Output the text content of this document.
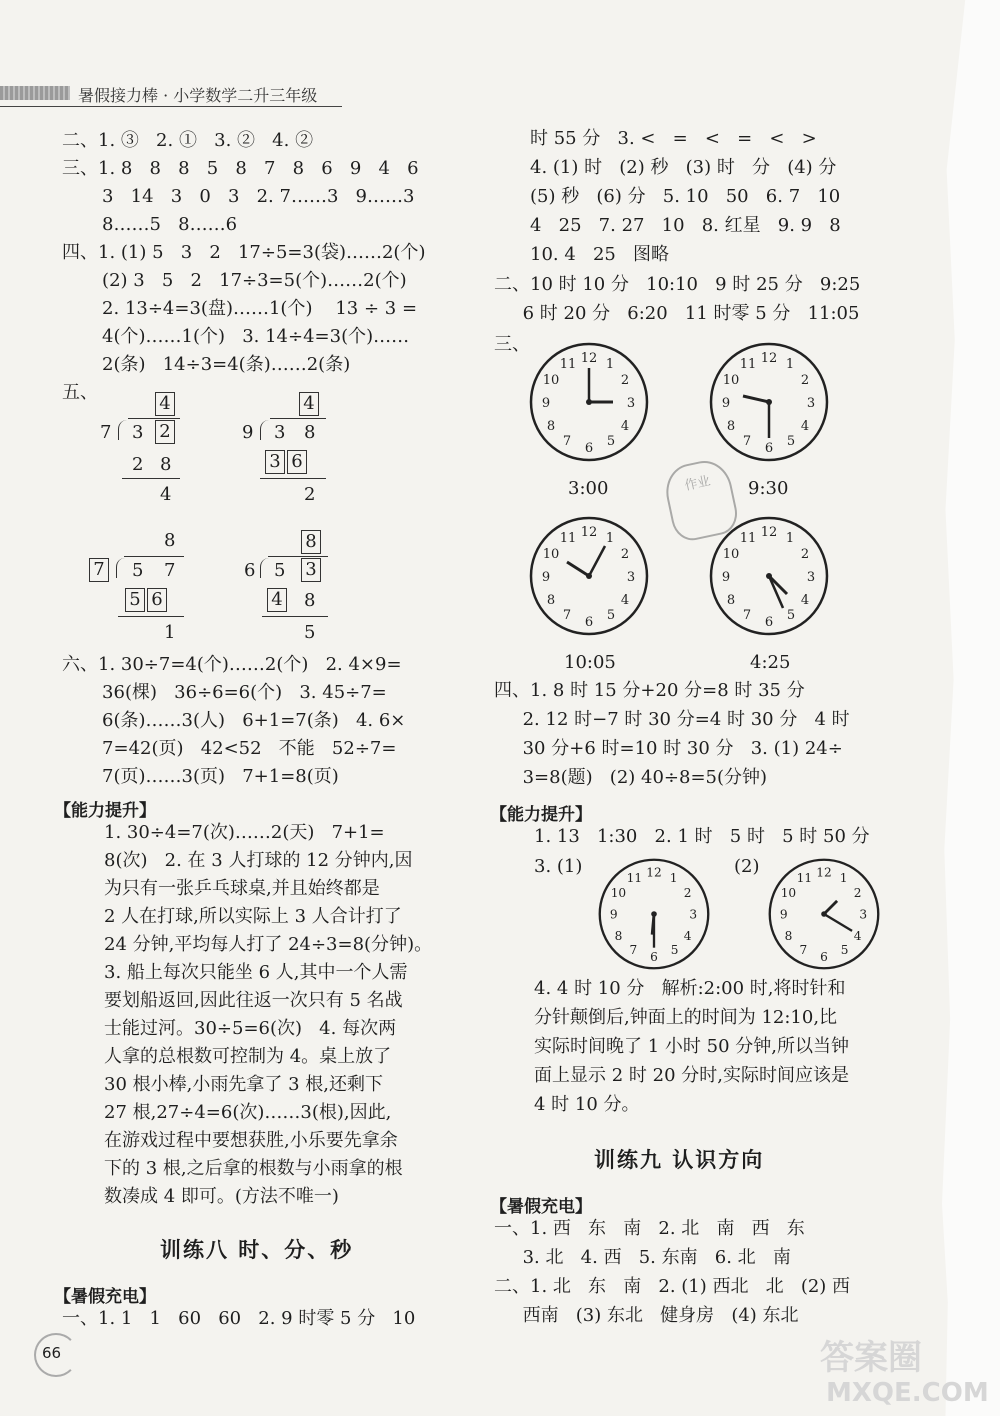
暑假接力棒 · 小学数学二升三年级
二、1. ③   2. ①   3. ②   4. ②
三、1. 8   8   8   5   8   7   8   6   9   4   6
3   14   3   0   3   2. 7……3   9……3
8……5   8……6
四、1. (1) 5   3   2   17÷5=3(袋)……2(个)
(2) 3   5   2   17÷3=5(个)……2(个)
2. 13÷4=3(盘)……1(个)    13 ÷ 3 =
4(个)……1(个)   3. 14÷4=3(个)……
2(条)   14÷3=4(条)……2(条)
五、
4
7 3 2
2 8
4
4
9 3 8
3 6
2
8
7 5 7
5 6
1
8
6 5 3
4 8
5
六、1. 30÷7=4(个)……2(个)   2. 4×9=
36(棵)   36÷6=6(个)   3. 45÷7=
6(条)……3(人)   6+1=7(条)   4. 6×
7=42(页)   42<52   不能   52÷7=
7(页)……3(页)   7+1=8(页)
【能力提升】
1. 30÷4=7(次)……2(天)   7+1=
8(次)   2. 在 3 人打球的 12 分钟内,因
为只有一张乒乓球桌,并且始终都是
2 人在打球,所以实际上 3 人合计打了
24 分钟,平均每人打了 24÷3=8(分钟)。
3. 船上每次只能坐 6 人,其中一个人需
要划船返回,因此往返一次只有 5 名战
士能过河。30÷5=6(次)   4. 每次两
人拿的总根数可控制为 4。桌上放了
30 根小棒,小雨先拿了 3 根,还剩下
27 根,27÷4=6(次)……3(根),因此,
在游戏过程中要想获胜,小乐要先拿余
下的 3 根,之后拿的根数与小雨拿的根
数凑成 4 即可。(方法不唯一)
训练八 时、分、秒
【暑假充电】
一、1. 1   1   60   60   2. 9 时零 5 分   10
时 55 分   3. <   =   <   =   <   >
4. (1) 时   (2) 秒   (3) 时   分   (4) 分
(5) 秒   (6) 分   5. 10   50   6. 7   10
4   25   7. 27   10   8. 红星   9. 9   8
10. 4   25   图略
二、10 时 10 分   10:10   9 时 25 分   9:25
6 时 20 分   6:20   11 时零 5 分   11:05
三、
12 1
2
3
4
5
6
7
8
9
10
11	12 1
2
3
4
5
6
7
8
9
10
11
3:00	9:30
作业
12 1
2
3
4
5
6
7
8
9
10
11	12 1
2
3
4
5
6
7
8
9
10
11
10:05	4:25
四、1. 8 时 15 分+20 分=8 时 35 分
2. 12 时−7 时 30 分=4 时 30 分   4 时
30 分+6 时=10 时 30 分   3. (1) 24÷
3=8(题)   (2) 40÷8=5(分钟)
【能力提升】
1. 13   1:30   2. 1 时   5 时   5 时 50 分
3. (1)	(2)
12 1
2
3
4
5
6
7
8
9
10
11	12 1
2
3
4
5
6
7
8
9
10
11
4. 4 时 10 分   解析:2:00 时,将时针和
分针颠倒后,钟面上的时间为 12:10,比
实际时间晚了 1 小时 50 分钟,所以当钟
面上显示 2 时 20 分时,实际时间应该是
4 时 10 分。
训练九 认识方向
【暑假充电】
一、1. 西   东   南   2. 北   南   西   东
3. 北   4. 西   5. 东南   6. 北   南
二、1. 北   东   南   2. (1) 西北   北   (2) 西
西南   (3) 东北   健身房   (4) 东北
66	答案圈
MXQE.COM
